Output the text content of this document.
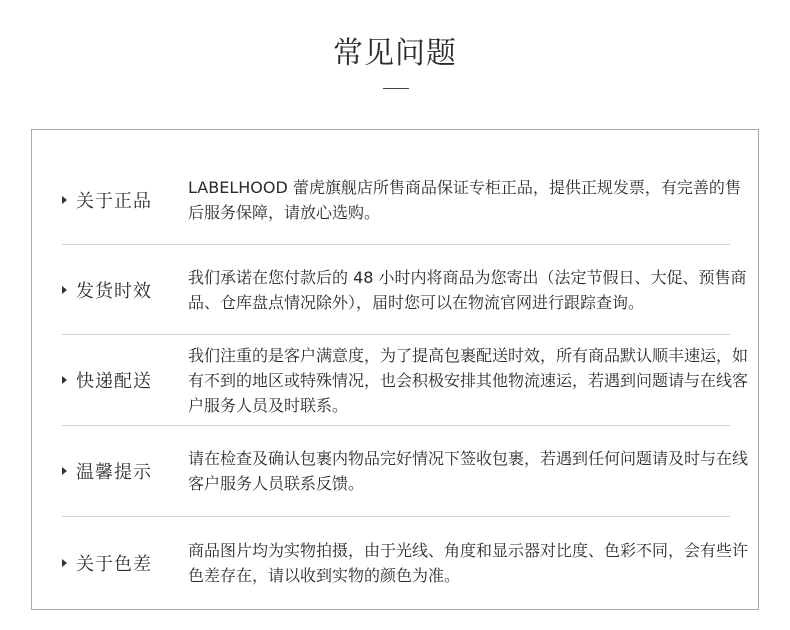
常见问题
关于正品
LABELHOOD 蕾虎旗舰店所售商品保证专柜正品，提供正规发票，有完善的售后服务保障，请放心选购。
发货时效
我们承诺在您付款后的 48 小时内将商品为您寄出（法定节假日、大促、预售商品、仓库盘点情况除外），届时您可以在物流官网进行跟踪查询。
快递配送
我们注重的是客户满意度，为了提高包裹配送时效，所有商品默认顺丰速运，如有不到的地区或特殊情况，也会积极安排其他物流速运，若遇到问题请与在线客户服务人员及时联系。
温馨提示
请在检查及确认包裹内物品完好情况下签收包裹，若遇到任何问题请及时与在线客户服务人员联系反馈。
关于色差
商品图片均为实物拍摄，由于光线、角度和显示器对比度、色彩不同，会有些许色差存在，请以收到实物的颜色为准。
